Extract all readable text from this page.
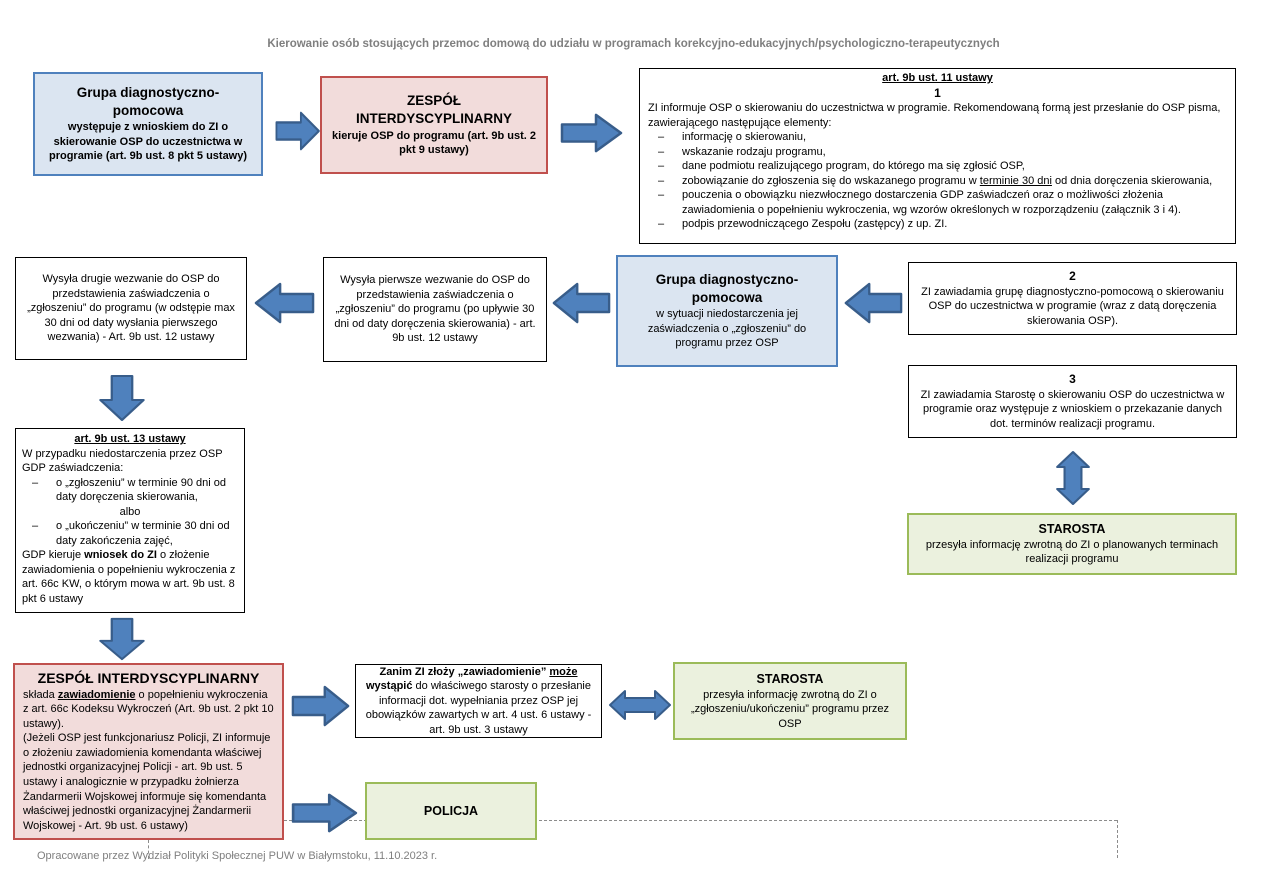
Kierowanie osób stosujących przemoc domową do udziału w programach korekcyjno-edukacyjnych/psychologiczno-terapeutycznych
Grupa diagnostyczno-pomocowa
występuje z wnioskiem do ZI o skierowanie OSP do uczestnictwa w programie (art. 9b ust. 8 pkt 5 ustawy)
ZESPÓŁ INTERDYSCYPLINARNY
kieruje OSP do programu (art. 9b ust. 2 pkt 9 ustawy)
art. 9b ust. 11 ustawy
1
ZI informuje OSP o skierowaniu do uczestnictwa w programie. Rekomendowaną formą jest przesłanie do OSP pisma, zawierającego następujące elementy:
–	informację o skierowaniu,
–	wskazanie rodzaju programu,
–	dane podmiotu realizującego program, do którego ma się zgłosić OSP,
–	zobowiązanie do zgłoszenia się do wskazanego programu w terminie 30 dni od dnia doręczenia skierowania,
–	pouczenia o obowiązku niezwłocznego dostarczenia GDP zaświadczeń oraz o możliwości złożenia zawiadomienia o popełnieniu wykroczenia, wg wzorów określonych w rozporządzeniu (załącznik 3 i 4).
–	podpis przewodniczącego Zespołu (zastępcy) z up. ZI.
Wysyła drugie wezwanie do OSP do przedstawienia zaświadczenia o „zgłoszeniu” do programu (w odstępie max 30 dni od daty wysłania pierwszego wezwania) - Art. 9b ust. 12 ustawy
Wysyła pierwsze wezwanie do OSP do przedstawienia zaświadczenia o „zgłoszeniu” do programu (po upływie 30 dni od daty doręczenia skierowania) - art. 9b ust. 12 ustawy
Grupa diagnostyczno-pomocowa
w sytuacji niedostarczenia jej zaświadczenia o „zgłoszeniu” do programu przez OSP
2
ZI zawiadamia grupę diagnostyczno-pomocową o skierowaniu OSP do uczestnictwa w programie (wraz z datą doręczenia skierowania OSP).
3
ZI zawiadamia Starostę o skierowaniu OSP do uczestnictwa w programie oraz występuje z wnioskiem o przekazanie danych dot. terminów realizacji programu.
STAROSTA
przesyła informację zwrotną do ZI o planowanych terminach realizacji programu
art. 9b ust. 13 ustawy
W przypadku niedostarczenia przez OSP GDP zaświadczenia:
–	o „zgłoszeniu” w terminie 90 dni od daty doręczenia skierowania,
albo
–	o „ukończeniu” w terminie 30 dni od daty zakończenia zajęć,
GDP kieruje wniosek do ZI o złożenie zawiadomienia o popełnieniu wykroczenia z art. 66c KW, o którym mowa w art. 9b ust. 8 pkt 6 ustawy
ZESPÓŁ INTERDYSCYPLINARNY
składa zawiadomienie o popełnieniu wykroczenia z art. 66c Kodeksu Wykroczeń (Art. 9b ust. 2 pkt 10 ustawy).
(Jeżeli OSP jest funkcjonariusz Policji, ZI informuje o złożeniu zawiadomienia komendanta właściwej jednostki organizacyjnej Policji - art. 9b ust. 5 ustawy i analogicznie w przypadku żołnierza Żandarmerii Wojskowej informuje się komendanta właściwej jednostki organizacyjnej Żandarmerii Wojskowej - Art. 9b ust. 6 ustawy)
Zanim ZI złoży „zawiadomienie” może wystąpić do właściwego starosty o przesłanie informacji dot. wypełniania przez OSP jej obowiązków zawartych w art. 4 ust. 6 ustawy - art. 9b ust. 3 ustawy
STAROSTA
przesyła informację zwrotną do ZI o „zgłoszeniu/ukończeniu” programu przez OSP
POLICJA
Opracowane przez Wydział Polityki Społecznej PUW w Białymstoku, 11.10.2023 r.
